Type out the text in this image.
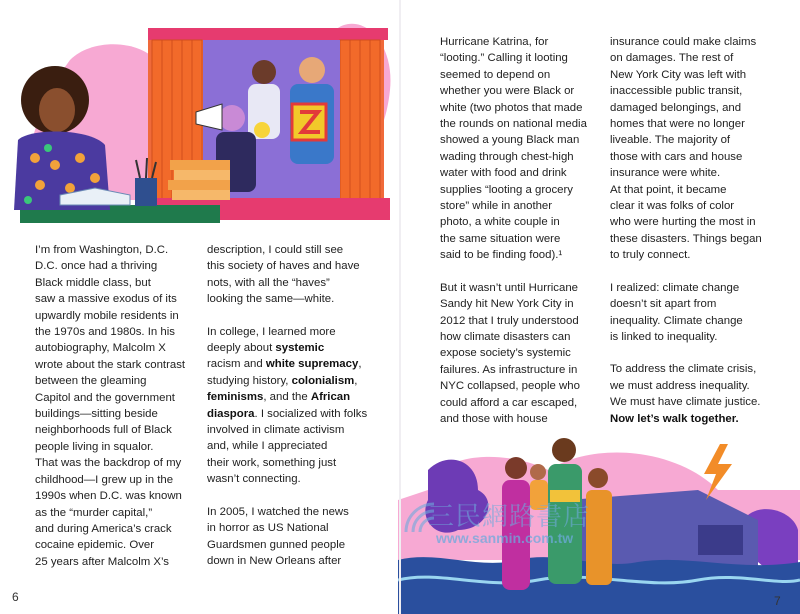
I’m from Washington, D.C.
D.C. once had a thriving
Black middle class, but
saw a massive exodus of its
upwardly mobile residents in
the 1970s and 1980s. In his
autobiography, Malcolm X
wrote about the stark contrast
between the gleaming
Capitol and the government
buildings—sitting beside
neighborhoods full of Black
people living in squalor.
That was the backdrop of my
childhood—I grew up in the
1990s when D.C. was known
as the “murder capital,”
and during America’s crack
cocaine epidemic. Over
25 years after Malcolm X’s

description, I could still see
this society of haves and have
nots, with all the “haves”
looking the same—white.

In college, I learned more
deeply about systemic
racism and white supremacy,
studying history, colonialism,
feminisms, and the African
diaspora. I socialized with folks
involved in climate activism
and, while I appreciated
their work, something just
wasn’t connecting.

In 2005, I watched the news
in horror as US National
Guardsmen gunned people
down in New Orleans after

Hurricane Katrina, for
“looting.” Calling it looting
seemed to depend on
whether you were Black or
white (two photos that made
the rounds on national media
showed a young Black man
wading through chest-high
water with food and drink
supplies “looting a grocery
store” while in another
photo, a white couple in
the same situation were
said to be finding food).¹

But it wasn’t until Hurricane
Sandy hit New York City in
2012 that I truly understood
how climate disasters can
expose society’s systemic
failures. As infrastructure in
NYC collapsed, people who
could afford a car escaped,
and those with house

insurance could make claims
on damages. The rest of
New York City was left with
inaccessible public transit,
damaged belongings, and
homes that were no longer
liveable. The majority of
those with cars and house
insurance were white.
At that point, it became
clear it was folks of color
who were hurting the most in
these disasters. Things began
to truly connect.

I realized: climate change
doesn’t sit apart from
inequality. Climate change
is linked to inequality.

To address the climate crisis,
we must address inequality.
We must have climate justice.
Now let’s walk together.

三民網路書店
www.sanmin.com.tw
6	7
